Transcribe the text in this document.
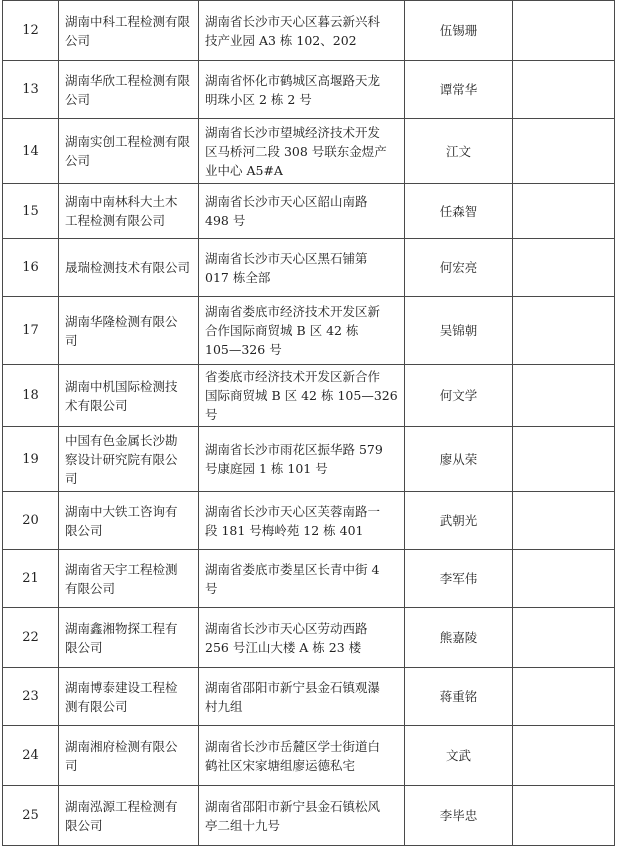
12	湖南中科工程检测有限
公司	湖南省长沙市天心区暮云新兴科
技产业园 A3 栋 102、202	伍锡珊	
13	湖南华欣工程检测有限
公司	湖南省怀化市鹤城区高堰路天龙
明珠小区 2 栋 2 号	谭常华	
14	湖南实创工程检测有限
公司	湖南省长沙市望城经济技术开发
区马桥河二段 308 号联东金煜产
业中心 A5#A	江文	
15	湖南中南林科大土木
工程检测有限公司	湖南省长沙市天心区韶山南路
498 号	任森智	
16	晟瑞检测技术有限公司	湖南省长沙市天心区黑石铺第
017 栋全部	何宏亮	
17	湖南华隆检测有限公
司	湖南省娄底市经济技术开发区新
合作国际商贸城 B 区 42 栋
105—326 号	吴锦朝	
18	湖南中机国际检测技
术有限公司	省娄底市经济技术开发区新合作
国际商贸城 B 区 42 栋 105—326
号	何文学	
19	中国有色金属长沙勘
察设计研究院有限公
司	湖南省长沙市雨花区振华路 579
号康庭园 1 栋 101 号	廖从荣	
20	湖南中大铁工咨询有
限公司	湖南省长沙市天心区芙蓉南路一
段 181 号梅岭苑 12 栋 401	武朝光	
21	湖南省天宇工程检测
有限公司	湖南省娄底市娄星区长青中街 4
号	李军伟	
22	湖南鑫湘物探工程有
限公司	湖南省长沙市天心区劳动西路
256 号江山大楼 A 栋 23 楼	熊嘉陵	
23	湖南博泰建设工程检
测有限公司	湖南省邵阳市新宁县金石镇观瀑
村九组	蒋重铭	
24	湖南湘府检测有限公
司	湖南省长沙市岳麓区学士街道白
鹤社区宋家塘组廖运德私宅	文武	
25	湖南泓源工程检测有
限公司	湖南省邵阳市新宁县金石镇松风
亭二组十九号	李毕忠	
